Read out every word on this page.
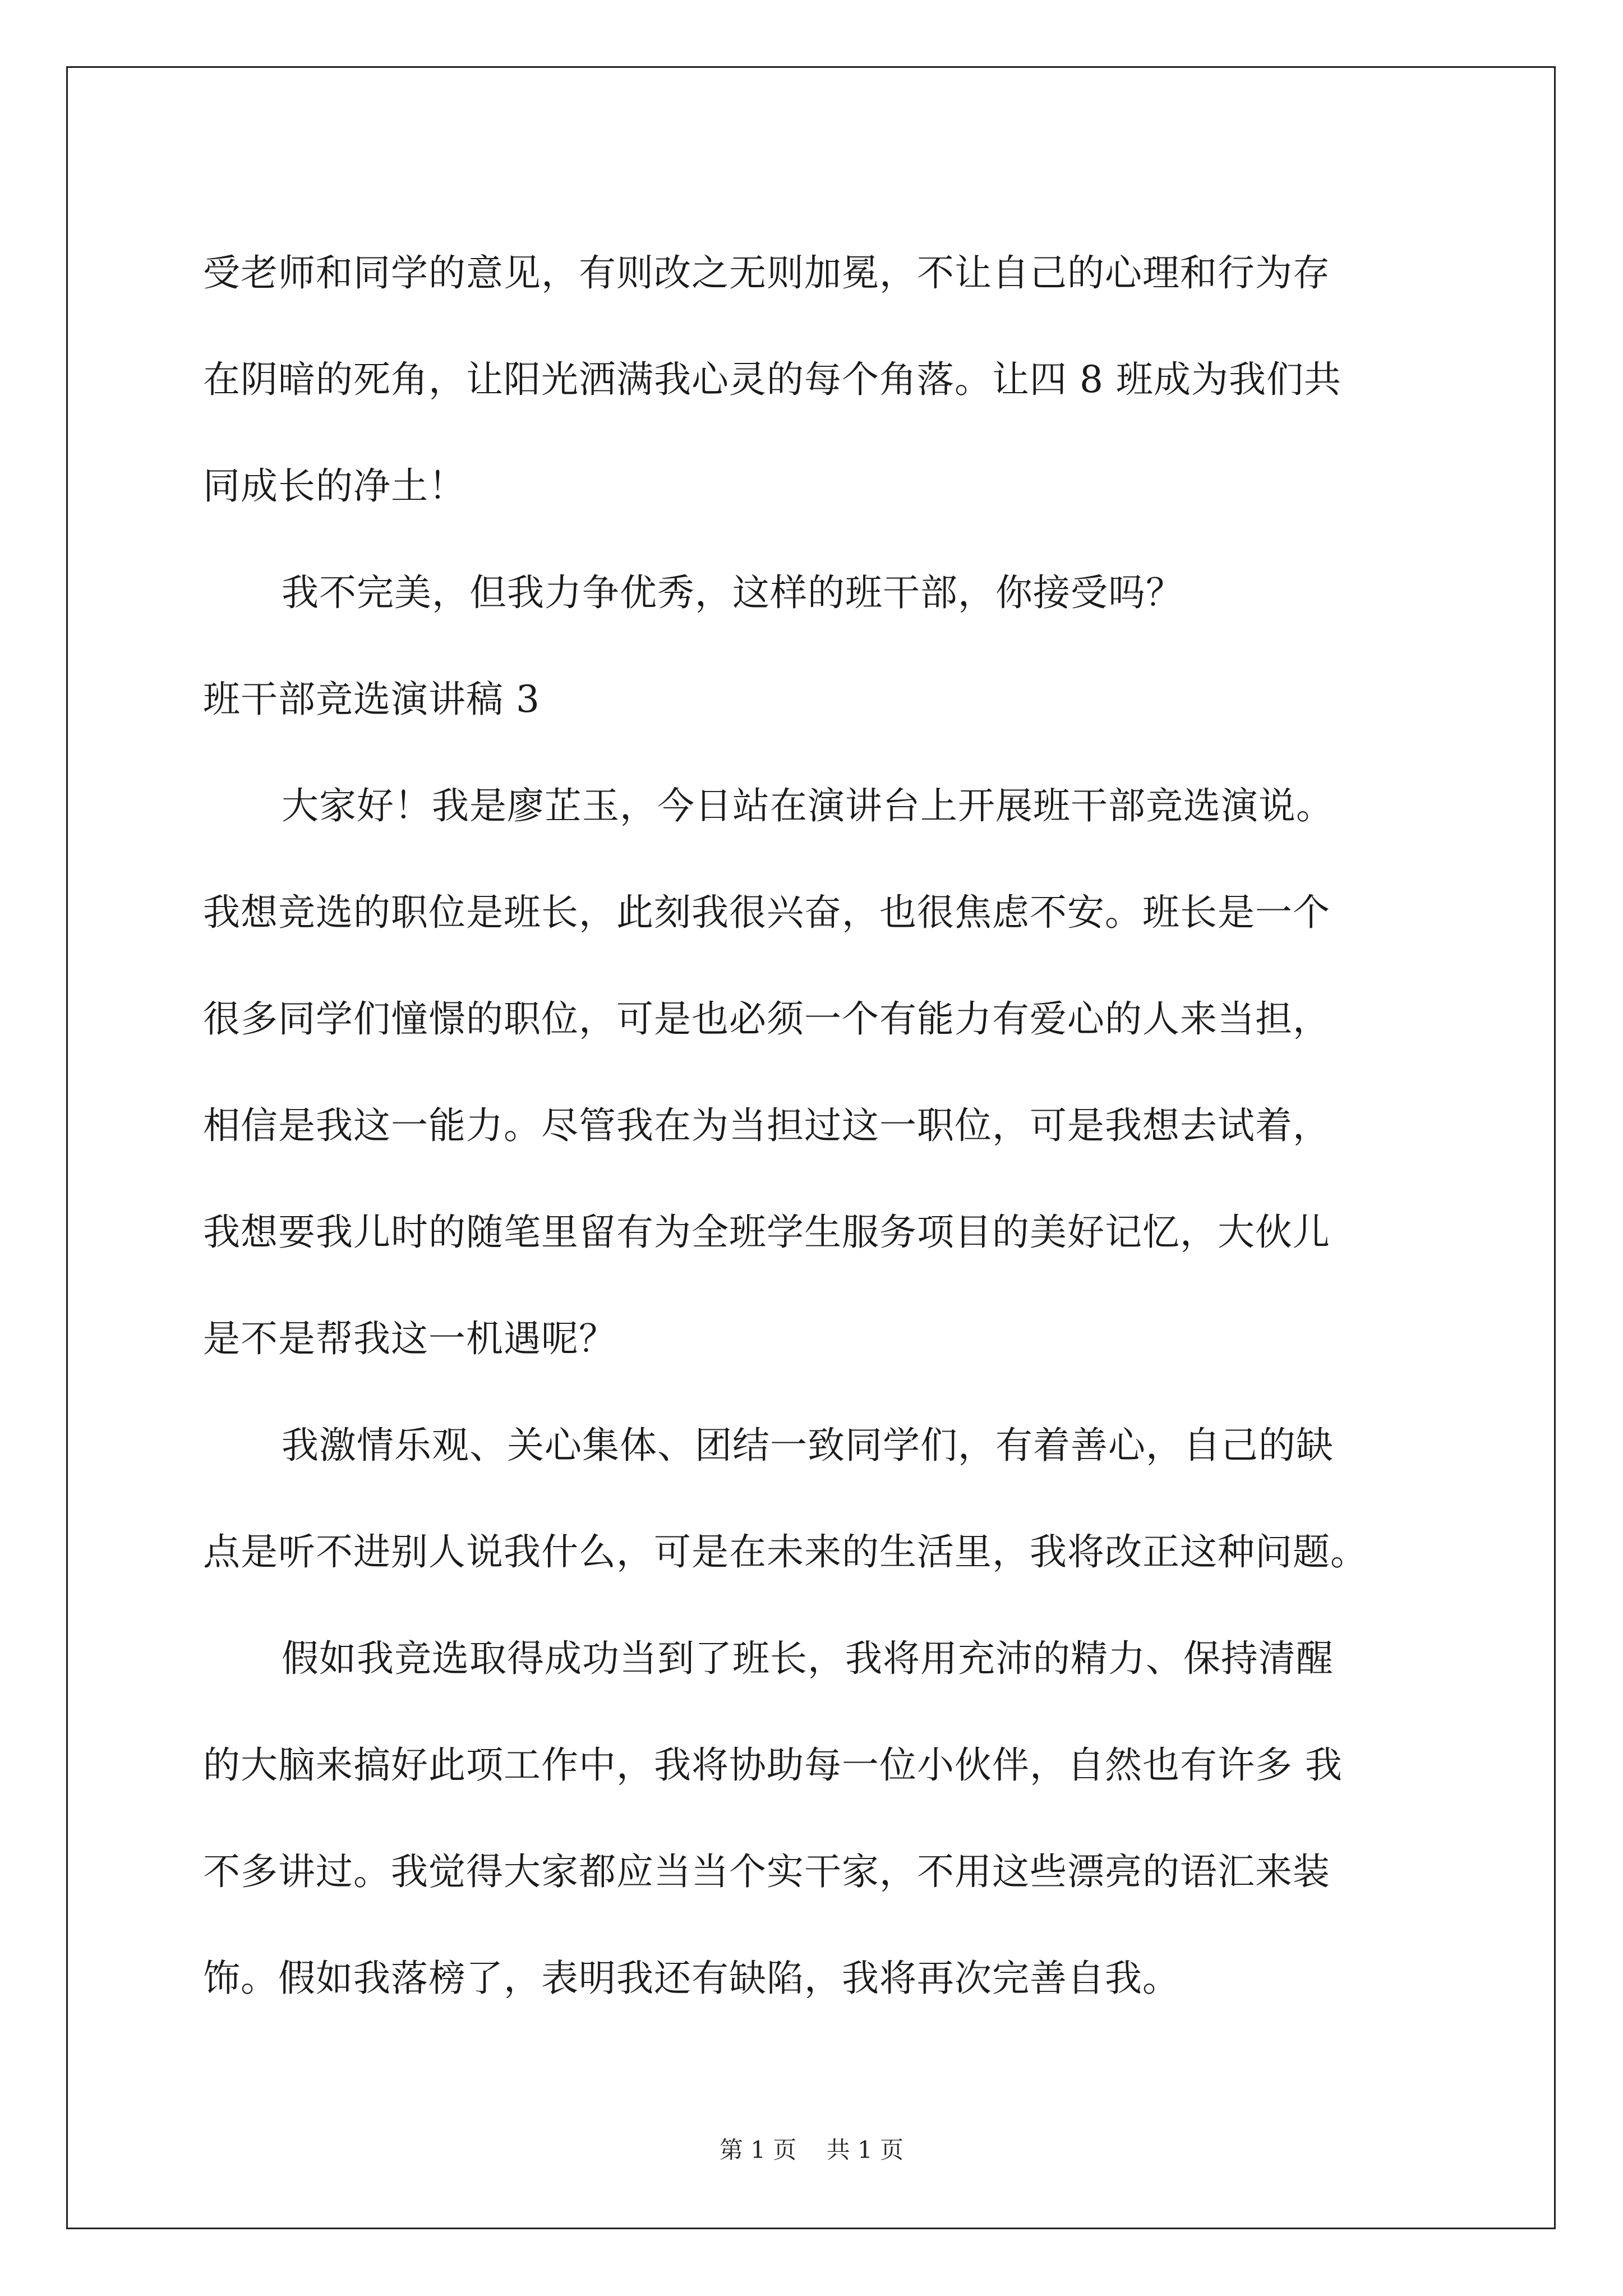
受老师和同学的意见，有则改之无则加冕，不让自己的心理和行为存
在阴暗的死角，让阳光洒满我心灵的每个角落。让四 8 班成为我们共
同成长的净土！
我不完美，但我力争优秀，这样的班干部，你接受吗？
班干部竞选演讲稿 3
大家好！我是廖芷玉，今日站在演讲台上开展班干部竞选演说。
我想竞选的职位是班长，此刻我很兴奋，也很焦虑不安。班长是一个
很多同学们憧憬的职位，可是也必须一个有能力有爱心的人来当担，
相信是我这一能力。尽管我在为当担过这一职位，可是我想去试着，
我想要我儿时的随笔里留有为全班学生服务项目的美好记忆，大伙儿
是不是帮我这一机遇呢？
我激情乐观、关心集体、团结一致同学们，有着善心，自己的缺
点是听不进别人说我什么，可是在未来的生活里，我将改正这种问题。
假如我竞选取得成功当到了班长，我将用充沛的精力、保持清醒
的大脑来搞好此项工作中，我将协助每一位小伙伴，自然也有许多 我
不多讲过。我觉得大家都应当当个实干家，不用这些漂亮的语汇来装
饰。假如我落榜了，表明我还有缺陷，我将再次完善自我。
第 1 页 共 1 页
